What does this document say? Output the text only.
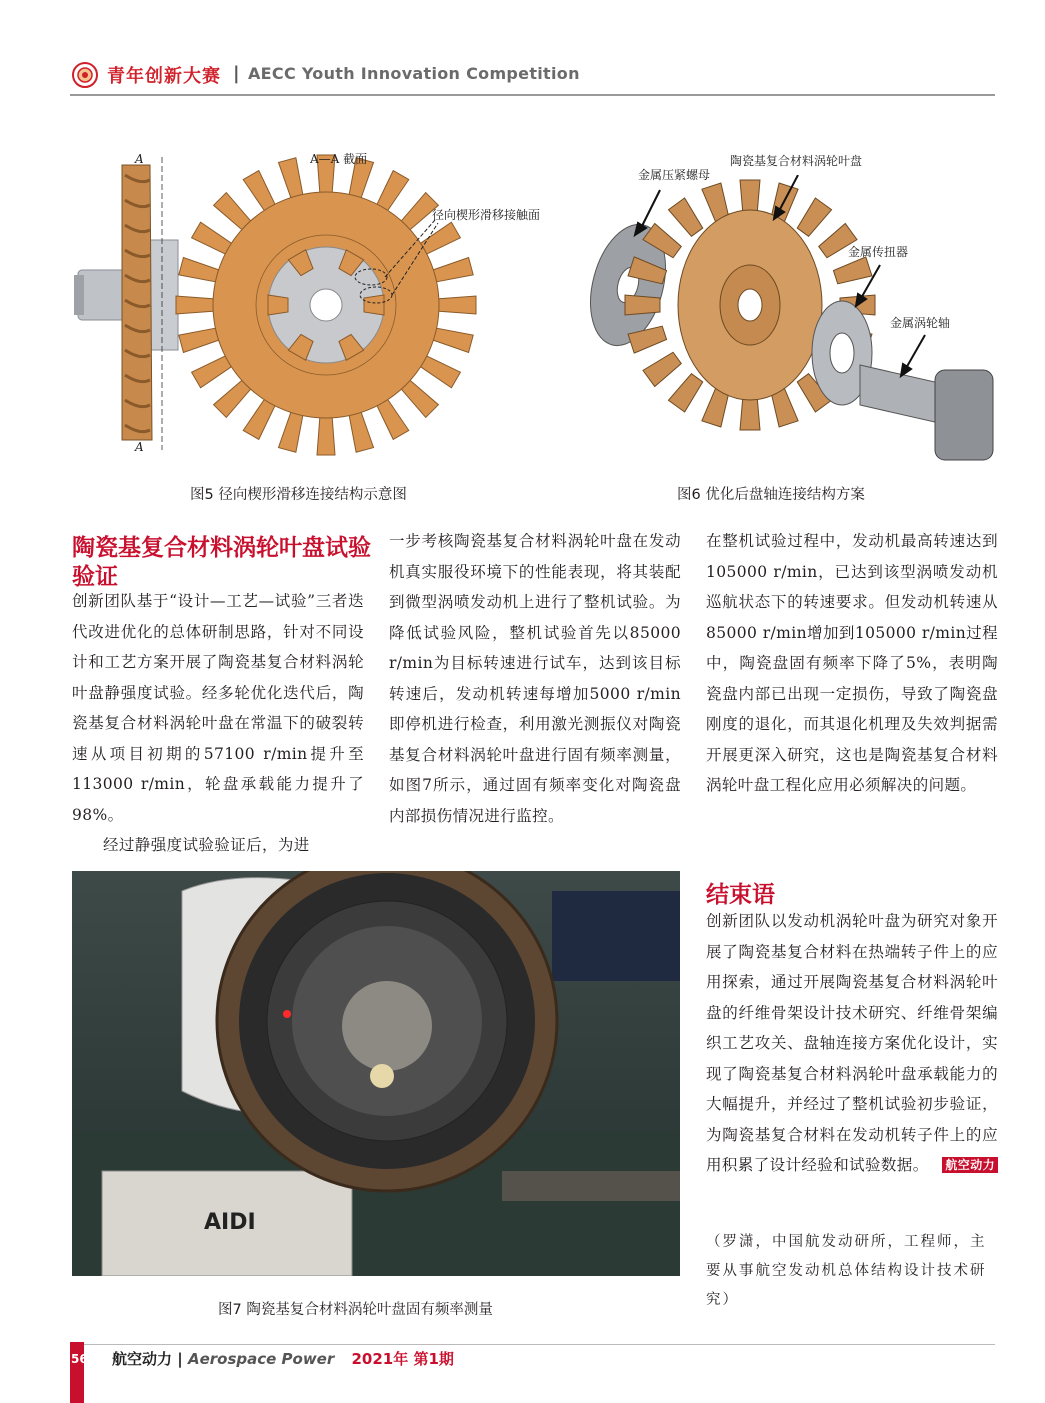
青年创新大赛 | AECC Youth Innovation Competition
A
A
A—A 截面
径向楔形滑移接触面
图5 径向楔形滑移连接结构示意图
金属压紧螺母
陶瓷基复合材料涡轮叶盘
金属传扭器
金属涡轮轴
图6 优化后盘轴连接结构方案
陶瓷基复合材料涡轮叶盘试验验证

创新团队基于“设计—工艺—试验”三者迭代改进优化的总体研制思路，针对不同设计和工艺方案开展了陶瓷基复合材料涡轮叶盘静强度试验。经多轮优化迭代后，陶瓷基复合材料涡轮叶盘在常温下的破裂转速从项目初期的57100 r/min提升至113000 r/min，轮盘承载能力提升了98%。

经过静强度试验验证后，为进

一步考核陶瓷基复合材料涡轮叶盘在发动机真实服役环境下的性能表现，将其装配到微型涡喷发动机上进行了整机试验。为降低试验风险，整机试验首先以85000 r/min为目标转速进行试车，达到该目标转速后，发动机转速每增加5000 r/min即停机进行检查，利用激光测振仪对陶瓷基复合材料涡轮叶盘进行固有频率测量，如图7所示，通过固有频率变化对陶瓷盘内部损伤情况进行监控。

在整机试验过程中，发动机最高转速达到105000 r/min，已达到该型涡喷发动机巡航状态下的转速要求。但发动机转速从85000 r/min增加到105000 r/min过程中，陶瓷盘固有频率下降了5%，表明陶瓷盘内部已出现一定损伤，导致了陶瓷盘刚度的退化，而其退化机理及失效判据需开展更深入研究，这也是陶瓷基复合材料涡轮叶盘工程化应用必须解决的问题。

AIDI
图7 陶瓷基复合材料涡轮叶盘固有频率测量
结束语

创新团队以发动机涡轮叶盘为研究对象开展了陶瓷基复合材料在热端转子件上的应用探索，通过开展陶瓷基复合材料涡轮叶盘的纤维骨架设计技术研究、纤维骨架编织工艺攻关、盘轴连接方案优化设计，实现了陶瓷基复合材料涡轮叶盘承载能力的大幅提升，并经过了整机试验初步验证，为陶瓷基复合材料在发动机转子件上的应用积累了设计经验和试验数据。 航空动力

（罗潇，中国航发动研所，工程师，主要从事航空发动机总体结构设计技术研究）
56	航空动力 | Aerospace Power 2021年 第1期
